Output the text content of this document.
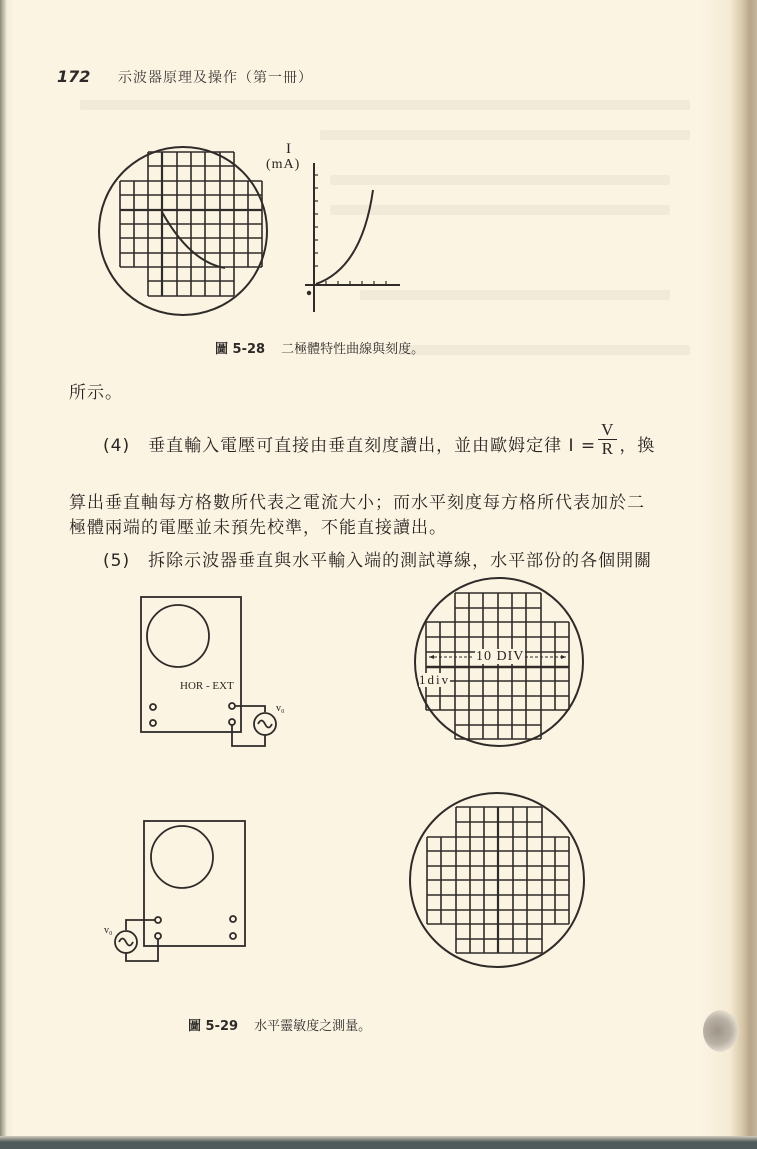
172 示波器原理及操作（第一冊）
I
(mA)
圖 5-28 二極體特性曲線與刻度。
所示。
(4) 垂直輸入電壓可直接由垂直刻度讀出，並由歐姆定律 $I = \frac{V}{R}$ ，換
算出垂直軸每方格數所代表之電流大小；而水平刻度每方格所代表加於二
極體兩端的電壓並未預先校準，不能直接讀出。
(5) 拆除示波器垂直與水平輸入端的測試導線，水平部份的各個開關
HOR - EXT
v₀
10 DIV
1div
v₀
圖 5-29 水平靈敏度之測量。
